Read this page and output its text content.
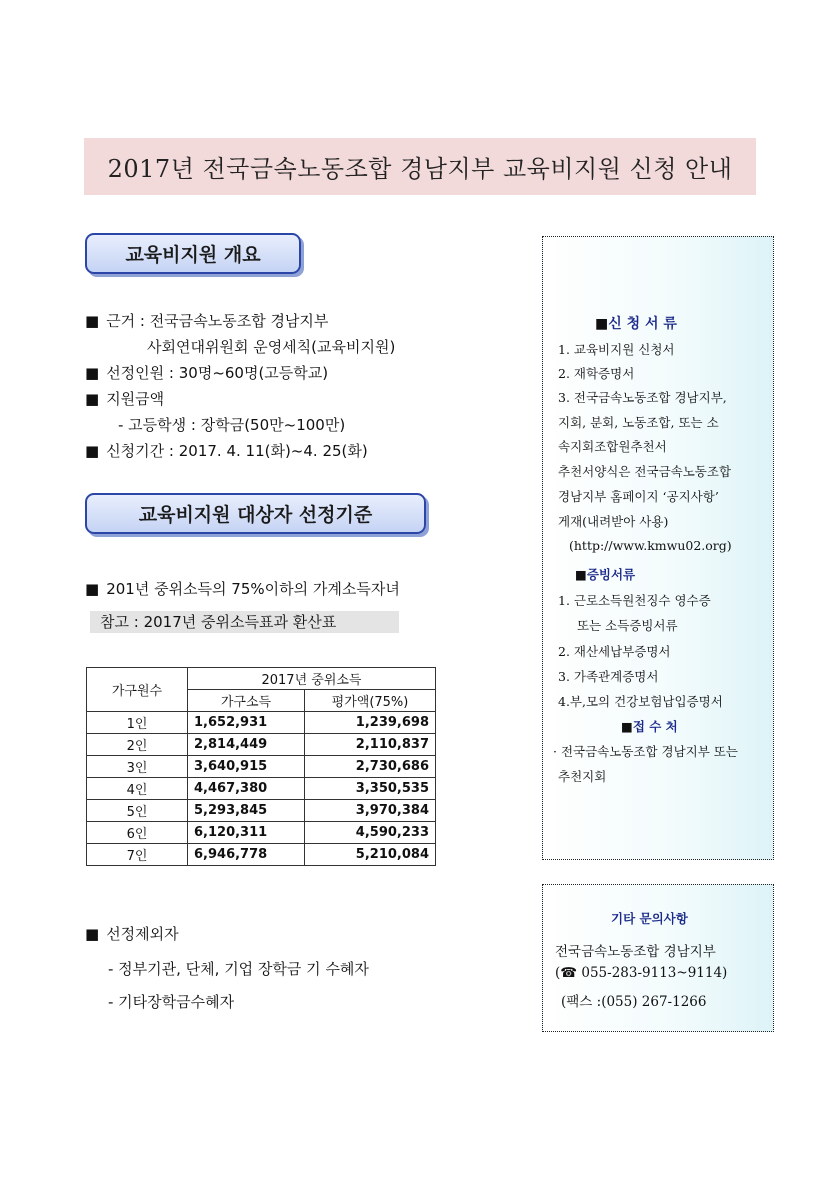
2017년 전국금속노동조합 경남지부 교육비지원 신청 안내
교육비지원 개요
■ 근거 : 전국금속노동조합 경남지부
사회연대위원회 운영세칙(교육비지원)
■ 선정인원 : 30명~60명(고등학교)
■ 지원금액
- 고등학생 : 장학금(50만~100만)
■ 신청기간 : 2017. 4. 11(화)~4. 25(화)
교육비지원 대상자 선정기준
■ 201년 중위소득의 75%이하의 가계소득자녀
참고 : 2017년 중위소득표과 환산표
가구원수	2017년 중위소득	
	가구소득	평가액(75%)
1인	1,652,931	1,239,698
2인	2,814,449	2,110,837
3인	3,640,915	2,730,686
4인	4,467,380	3,350,535
5인	5,293,845	3,970,384
6인	6,120,311	4,590,233
7인	6,946,778	5,210,084
■ 선정제외자
- 정부기관, 단체, 기업 장학금 기 수혜자
- 기타장학금수혜자
■ 신 청 서 류
1. 교육비지원 신청서
2. 재학증명서
3. 전국금속노동조합 경남지부,
지회, 분회, 노동조합, 또는 소
속지회조합원추천서
추천서양식은 전국금속노동조합
경남지부 홈페이지 ‘공지사항’
게재(내려받아 사용)
(http://www.kmwu02.org)
■ 증빙서류
1. 근로소득원천징수 영수증
또는 소득증빙서류
2. 재산세납부증명서
3. 가족관계증명서
4.부,모의 건강보험납입증명서
■ 접 수 처
· 전국금속노동조합 경남지부 또는
추천지회
기타 문의사항
전국금속노동조합 경남지부
(☎ 055-283-9113~9114)
(팩스 :(055) 267-1266
